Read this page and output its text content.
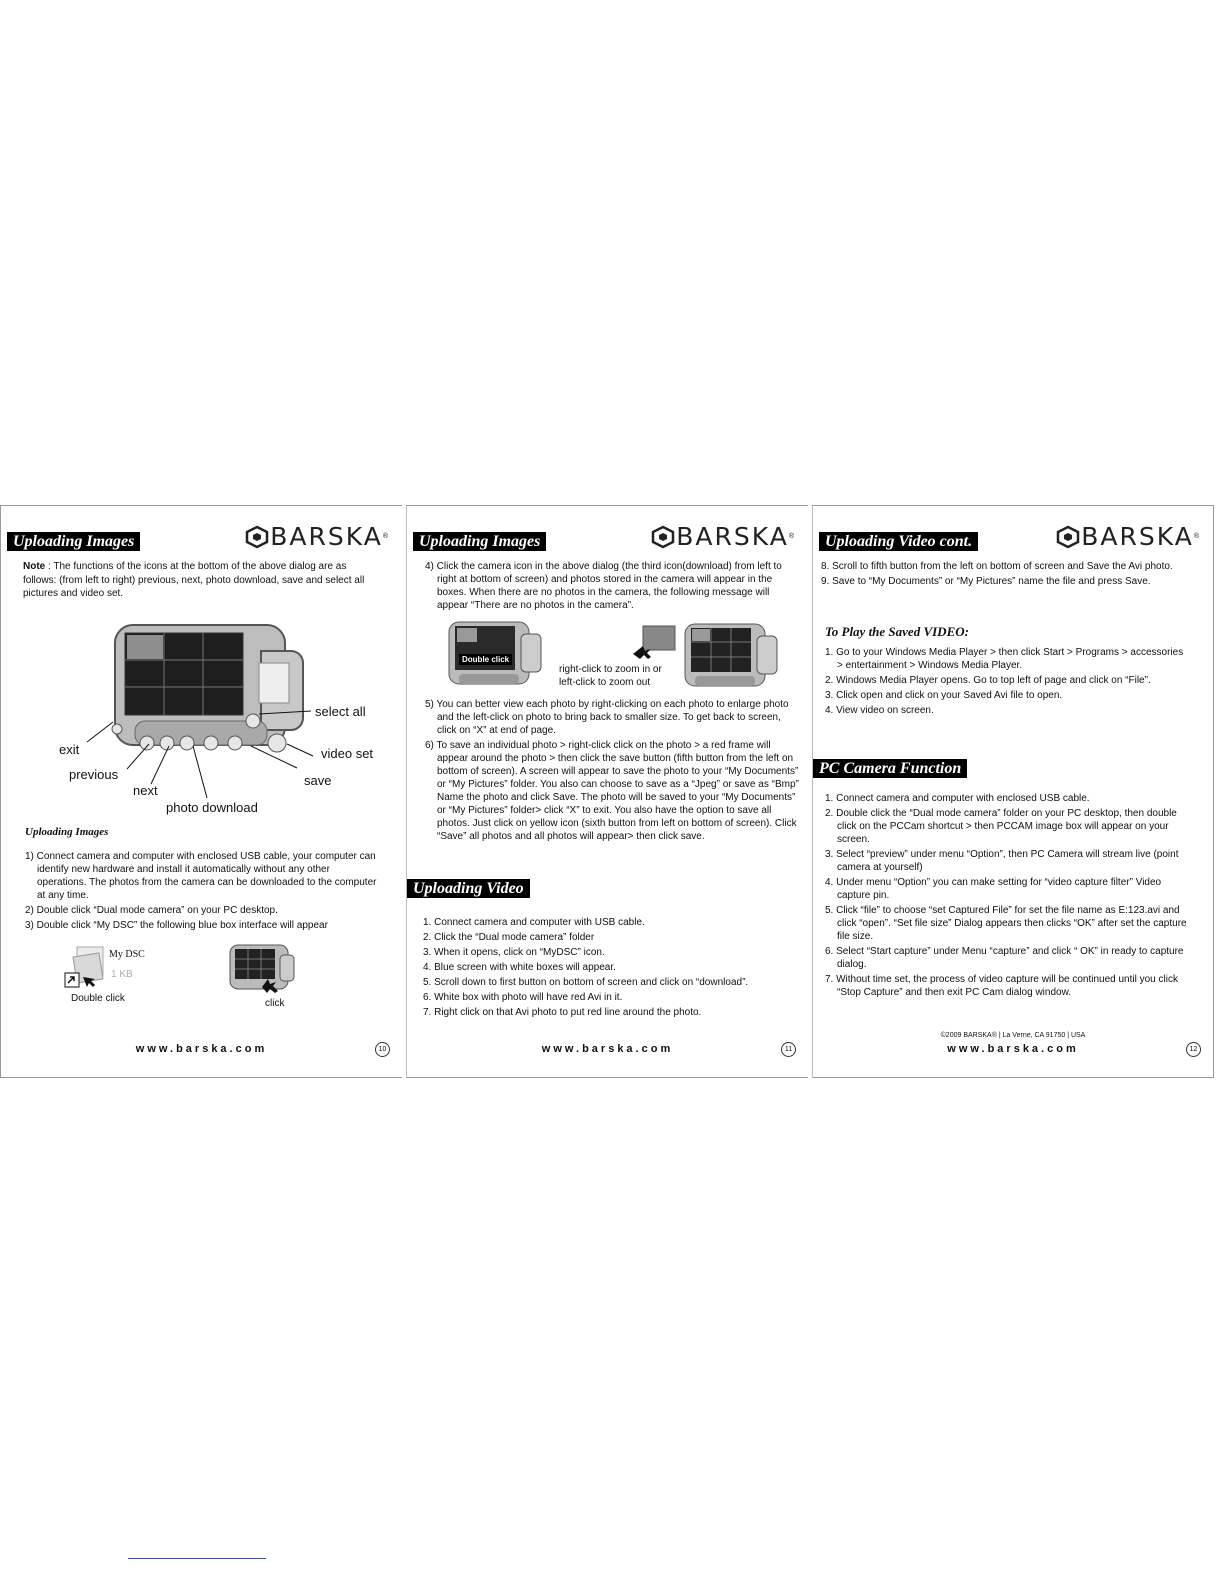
Uploading Images	BARSKA ®

Note : The functions of the icons at the bottom of the above dialog are as follows: (from left to right) previous, next, photo download, save and select all pictures and video set.

select all
exit	video set
previous	save
next
photo download
Uploading Images
1) Connect camera and computer with enclosed USB cable, your computer can identify new hardware and install it automatically without any other operations. The photos from the camera can be downloaded to the computer at any time.
2) Double click “Dual mode camera” on your PC desktop.
3) Double click “My DSC” the following blue box interface will appear
My DSC
1 KB
Double click	click
www.barska.com	10
Uploading Images	BARSKA ®
4) Click the camera icon in the above dialog (the third icon(download) from left to right at bottom of screen) and photos stored in the camera will appear in the boxes. When there are no photos in the camera, the following message will appear “There are no photos in the camera”.
Double click
right-click to zoom in or
left-click to zoom out
5) You can better view each photo by right-clicking on each photo to enlarge photo and the left-click on photo to bring back to smaller size. To get back to screen, click on “X” at end of page.
6) To save an individual photo > right-click click on the photo > a red frame will appear around the photo > then click the save button (fifth button from the left on bottom of screen). A screen will appear to save the photo to your “My Documents” or “My Pictures” folder. You also can choose to save as a “Jpeg” or save as “Bmp” Name the photo and click Save. The photo will be saved to your “My Documents” or “My Pictures” folder> click “X” to exit. You also have the option to save all photos. Just click on yellow icon (sixth button from left on bottom of screen). Click “Save” all photos and all photos will appear> then click save.
Uploading Video
1. Connect camera and computer with USB cable.
2. Click the “Dual mode camera” folder
3. When it opens, click on “MyDSC” icon.
4. Blue screen with white boxes will appear.
5. Scroll down to first button on bottom of screen and click on “download”.
6. White box with photo will have red Avi in it.
7. Right click on that Avi photo to put red line around the photo.
www.barska.com	11
Uploading Video cont.	BARSKA ®
8. Scroll to fifth button from the left on bottom of screen and Save the Avi photo.
9. Save to “My Documents” or “My Pictures” name the file and press Save.
To Play the Saved VIDEO:
1. Go to your Windows Media Player > then click Start > Programs > accessories > entertainment > Windows Media Player.
2. Windows Media Player opens. Go to top left of page and click on “File”.
3. Click open and click on your Saved Avi file to open.
4. View video on screen.
PC Camera Function
1. Connect camera and computer with enclosed USB cable.
2. Double click the “Dual mode camera” folder on your PC desktop, then double click on the PCCam shortcut > then PCCAM image box will appear on your screen.
3. Select “preview” under menu “Option”, then PC Camera will stream live (point camera at yourself)
4. Under menu “Option” you can make setting for “video capture filter” Video capture pin.
5. Click “file” to choose “set Captured File” for set the file name as E:123.avi and click “open”. “Set file size” Dialog appears then clicks “OK” after set the capture file size.
6. Select “Start capture” under Menu “capture” and click “ OK” in ready to capture dialog.
7. Without time set, the process of video capture will be continued until you click “Stop Capture” and then exit PC Cam dialog window.
©2009 BARSKA® | La Verne, CA 91750 | USA
www.barska.com	12
